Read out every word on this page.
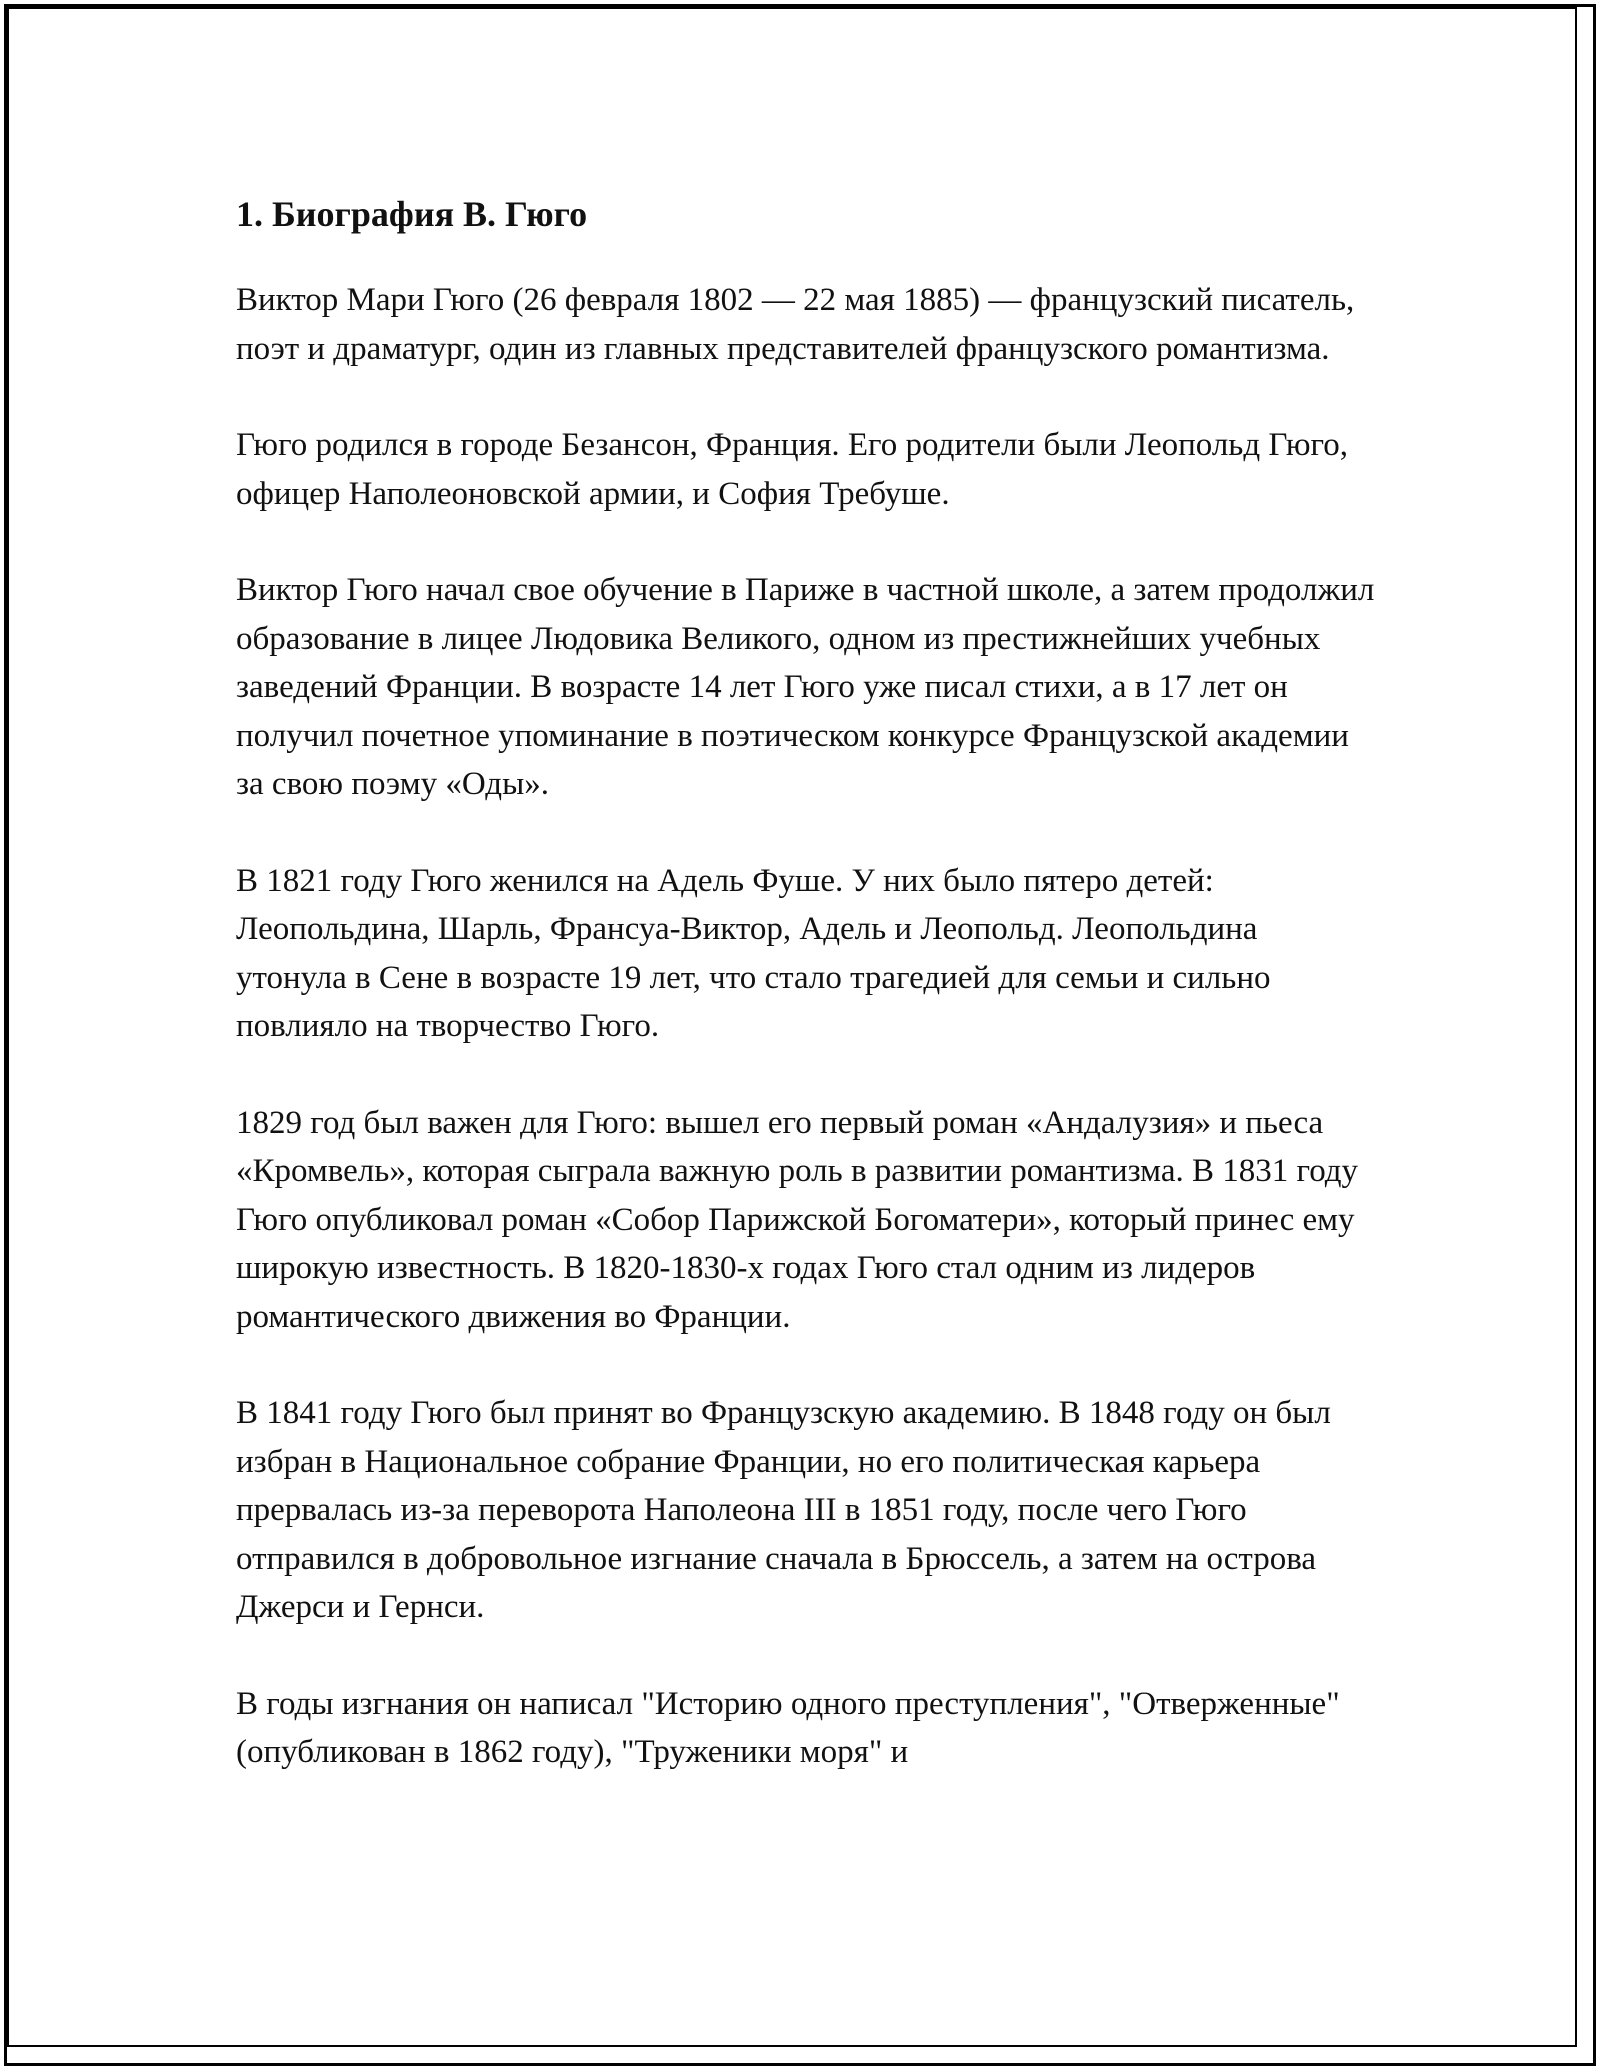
1. Биография В. Гюго

Виктор Мари Гюго (26 февраля 1802 — 22 мая 1885) — французский писатель, поэт и драматург, один из главных представителей французского романтизма.

Гюго родился в городе Безансон, Франция. Его родители были Леопольд Гюго, офицер Наполеоновской армии, и София Требуше.

Виктор Гюго начал свое обучение в Париже в частной школе, а затем продолжил образование в лицее Людовика Великого, одном из престижнейших учебных заведений Франции. В возрасте 14 лет Гюго уже писал стихи, а в 17 лет он получил почетное упоминание в поэтическом конкурсе Французской академии за свою поэму «Оды».

В 1821 году Гюго женился на Адель Фуше. У них было пятеро детей: Леопольдина, Шарль, Франсуа-Виктор, Адель и Леопольд. Леопольдина утонула в Сене в возрасте 19 лет, что стало трагедией для семьи и сильно повлияло на творчество Гюго.

1829 год был важен для Гюго: вышел его первый роман «Андалузия» и пьеса «Кромвель», которая сыграла важную роль в развитии романтизма. В 1831 году Гюго опубликовал роман «Собор Парижской Богоматери», который принес ему широкую известность. В 1820-1830-х годах Гюго стал одним из лидеров романтического движения во Франции.

В 1841 году Гюго был принят во Французскую академию. В 1848 году он был избран в Национальное собрание Франции, но его политическая карьера прервалась из-за переворота Наполеона III в 1851 году, после чего Гюго отправился в добровольное изгнание сначала в Брюссель, а затем на острова Джерси и Гернси.

В годы изгнания он написал "Историю одного преступления", "Отверженные" (опубликован в 1862 году), "Труженики моря" и
